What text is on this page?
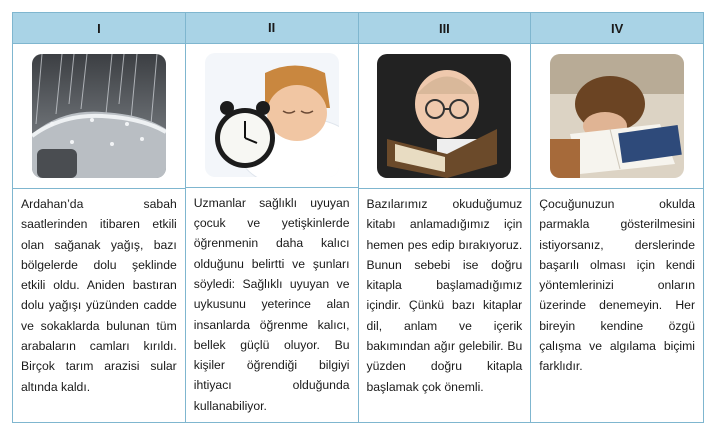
I
Ardahan’da sabah saatlerinden itibaren etkili olan sağanak yağış, bazı bölgelerde dolu şeklinde etkili oldu. Aniden bastıran dolu yağışı yüzünden cadde ve sokaklarda bulunan tüm arabaların camları kırıldı. Birçok tarım arazisi sular altında kaldı.
II
Uzmanlar sağlıklı uyuyan çocuk ve yetişkinlerde öğrenmenin daha kalıcı olduğunu belirtti ve şunları söyledi: Sağlıklı uyuyan ve uykusunu yeterince alan insanlarda öğrenme kalıcı, bellek güçlü oluyor. Bu kişiler öğrendiği bilgiyi ihtiyacı olduğunda kullanabiliyor.
III
Bazılarımız okuduğumuz kitabı anlamadığımız için hemen pes edip bırakıyoruz. Bunun sebebi ise doğru kitapla başlamadığımız içindir. Çünkü bazı kitaplar dil, anlam ve içerik bakımından ağır gelebilir. Bu yüzden doğru kitapla başlamak çok önemli.
IV
Çocuğunuzun okulda parmakla gösterilmesini istiyorsanız, derslerinde başarılı olması için kendi yöntemlerinizi onların üzerinde denemeyin. Her bireyin kendine özgü çalışma ve algılama biçimi farklıdır.
